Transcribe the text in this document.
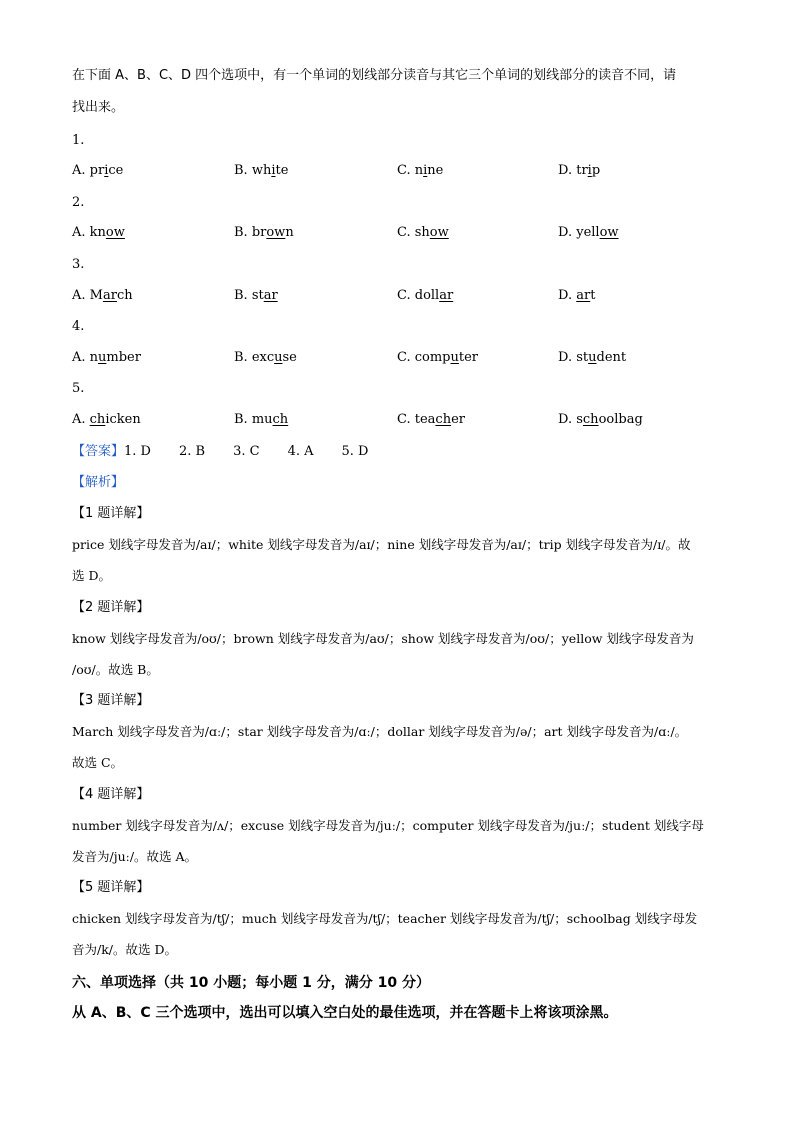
在下面 A、B、C、D 四个选项中，有一个单词的划线部分读音与其它三个单词的划线部分的读音不同，请
找出来。
1.
A. price	B. white	C. nine	D. trip
2.
A. know	B. brown	C. show	D. yellow
3.
A. March	B. star	C. dollar	D. art
4.
A. number	B. excuse	C. computer	D. student
5.
A. chicken	B. much	C. teacher	D. schoolbag
【答案】1. D 2. B 3. C 4. A 5. D
【解析】
【1 题详解】
price 划线字母发音为/aɪ/；white 划线字母发音为/aɪ/；nine 划线字母发音为/aɪ/；trip 划线字母发音为/ɪ/。故
选 D。
【2 题详解】
know 划线字母发音为/oʊ/；brown 划线字母发音为/aʊ/；show 划线字母发音为/oʊ/；yellow 划线字母发音为
/oʊ/。故选 B。
【3 题详解】
March 划线字母发音为/ɑː/；star 划线字母发音为/ɑː/；dollar 划线字母发音为/ə/；art 划线字母发音为/ɑː/。
故选 C。
【4 题详解】
number 划线字母发音为/ʌ/；excuse 划线字母发音为/juː/；computer 划线字母发音为/juː/；student 划线字母
发音为/juː/。故选 A。
【5 题详解】
chicken 划线字母发音为/tʃ/；much 划线字母发音为/tʃ/；teacher 划线字母发音为/tʃ/；schoolbag 划线字母发
音为/k/。故选 D。
六、单项选择（共 10 小题；每小题 1 分，满分 10 分）
从 A、B、C 三个选项中，选出可以填入空白处的最佳选项，并在答题卡上将该项涂黑。
